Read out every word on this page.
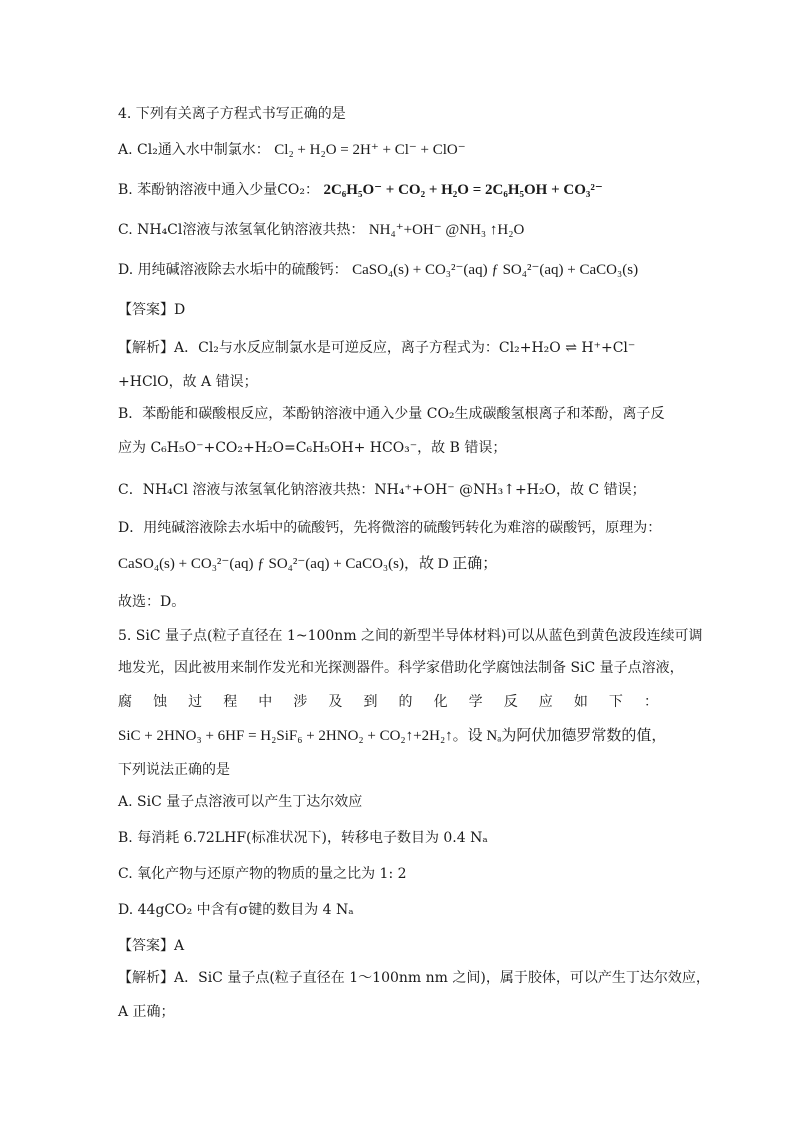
4. 下列有关离子方程式书写正确的是
A. Cl₂通入水中制氯水： Cl₂ + H₂O = 2H⁺ + Cl⁻ + ClO⁻
B. 苯酚钠溶液中通入少量CO₂： 2C₆H₅O⁻ + CO₂ + H₂O = 2C₆H₅OH + CO₃²⁻
C. NH₄Cl溶液与浓氢氧化钠溶液共热： NH₄⁺+OH⁻ @NH₃ ↑H₂O
D. 用纯碱溶液除去水垢中的硫酸钙： CaSO₄(s) + CO₃²⁻(aq) ƒ SO₄²⁻(aq) + CaCO₃(s)
【答案】D
【解析】A．Cl₂与水反应制氯水是可逆反应，离子方程式为：Cl₂+H₂O ⇌ H⁺+Cl⁻
+HClO，故 A 错误；
B．苯酚能和碳酸根反应，苯酚钠溶液中通入少量 CO₂生成碳酸氢根离子和苯酚，离子反
应为 C₆H₅O⁻+CO₂+H₂O=C₆H₅OH+ HCO₃⁻，故 B 错误；
C．NH₄Cl 溶液与浓氢氧化钠溶液共热：NH₄⁺+OH⁻ @NH₃↑+H₂O，故 C 错误；
D．用纯碱溶液除去水垢中的硫酸钙，先将微溶的硫酸钙转化为难溶的碳酸钙，原理为：
CaSO₄(s) + CO₃²⁻(aq) ƒ SO₄²⁻(aq) + CaCO₃(s)，故 D 正确；
故选：D。
5. SiC 量子点(粒子直径在 1~100nm 之间的新型半导体材料)可以从蓝色到黄色波段连续可调
地发光，因此被用来制作发光和光探测器件。科学家借助化学腐蚀法制备 SiC 量子点溶液，
腐 蚀 过 程 中 涉 及 到 的 化 学 反 应 如 下 ：
SiC + 2HNO₃ + 6HF = H₂SiF₆ + 2HNO₂ + CO₂↑+2H₂↑。设 Nₐ为阿伏加德罗常数的值，
下列说法正确的是
A. SiC 量子点溶液可以产生丁达尔效应
B. 每消耗 6.72LHF(标准状况下)，转移电子数目为 0.4 Nₐ
C. 氧化产物与还原产物的物质的量之比为 1: 2
D. 44gCO₂ 中含有σ键的数目为 4 Nₐ
【答案】A
【解析】A．SiC 量子点(粒子直径在 1～100nm nm 之间)，属于胶体，可以产生丁达尔效应，
A 正确；
